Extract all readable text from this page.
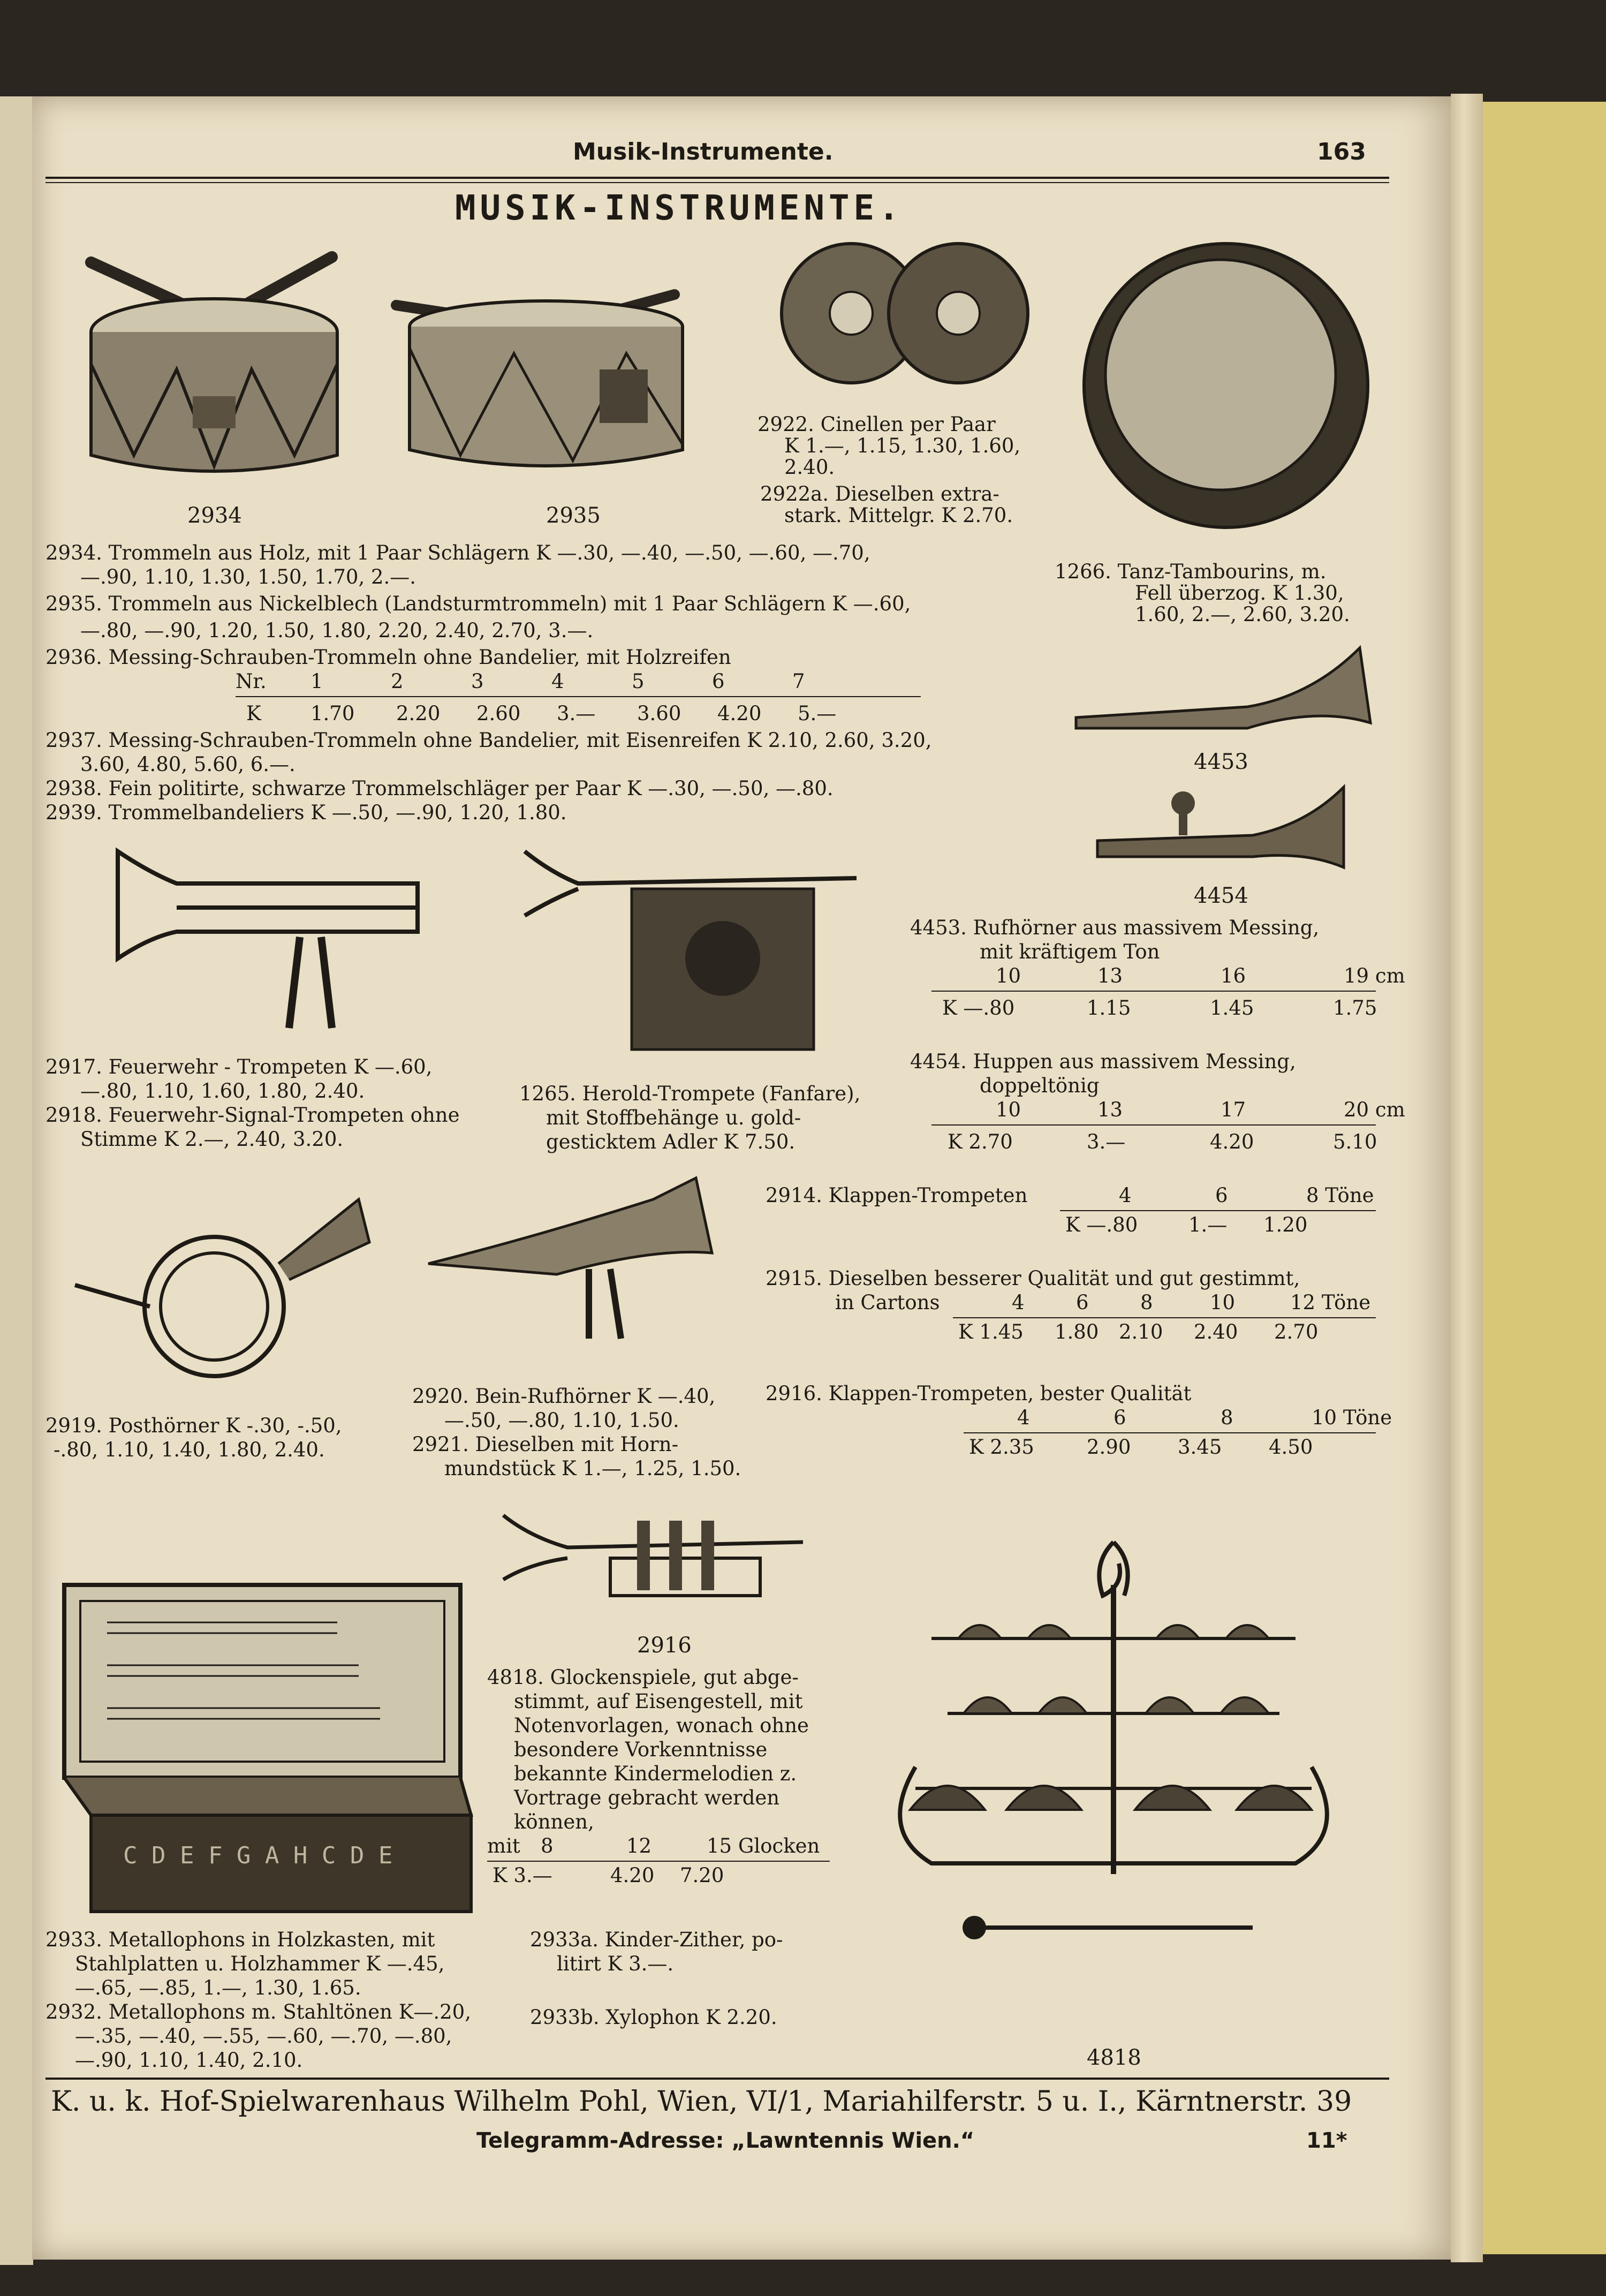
Musik-Instrumente.	163
MUSIK-INSTRUMENTE.
2934	2935
2922. Cinellen per Paar
K 1.—, 1.15, 1.30, 1.60,
2.40.
2922a. Dieselben extra-
stark. Mittelgr. K 2.70.
1266. Tanz-Tambourins, m.
Fell überzog. K 1.30,
1.60, 2.—, 2.60, 3.20.
2934. Trommeln aus Holz, mit 1 Paar Schlägern K —.30, —.40, —.50, —.60, —.70,
—.90, 1.10, 1.30, 1.50, 1.70, 2.—.
2935. Trommeln aus Nickelblech (Landsturmtrommeln) mit 1 Paar Schlägern K —.60,
—.80, —.90, 1.20, 1.50, 1.80, 2.20, 2.40, 2.70, 3.—.
2936. Messing-Schrauben-Trommeln ohne Bandelier, mit Holzreifen
Nr. 1	2	3	4	5	6	7
K 1.70 2.20 2.60 3.— 3.60 4.20 5.—
2937. Messing-Schrauben-Trommeln ohne Bandelier, mit Eisenreifen K 2.10, 2.60, 3.20,
3.60, 4.80, 5.60, 6.—.
2938. Fein politirte, schwarze Trommelschläger per Paar K —.30, —.50, —.80.
2939. Trommelbandeliers K —.50, —.90, 1.20, 1.80.
4453
4454
2917. Feuerwehr - Trompeten K —.60,
—.80, 1.10, 1.60, 1.80, 2.40.
2918. Feuerwehr-Signal-Trompeten ohne
Stimme K 2.—, 2.40, 3.20.
1265. Herold-Trompete (Fanfare),
mit Stoffbehänge u. gold-
gesticktem Adler K 7.50.
4453. Rufhörner aus massivem Messing,
mit kräftigem Ton
10	13	16	19 cm
K —.80	1.15	1.45	1.75
4454. Huppen aus massivem Messing,
doppeltönig
10	13	17	20 cm
K 2.70	3.—	4.20	5.10
2914. Klappen-Trompeten	4	6	8 Töne
K —.80	1.— 1.20
2915. Dieselben besserer Qualität und gut gestimmt,
in Cartons	4	6	8	10	12 Töne
K 1.45 1.80 2.10 2.40 2.70
2916. Klappen-Trompeten, bester Qualität
4	6	8	10 Töne
K 2.35	2.90 3.45 4.50
2920. Bein-Rufhörner K —.40,
—.50, —.80, 1.10, 1.50.
2921. Dieselben mit Horn-
mundstück K 1.—, 1.25, 1.50.
2919. Posthörner K -.30, -.50,
-.80, 1.10, 1.40, 1.80, 2.40.
2916
4818. Glockenspiele, gut abge-
stimmt, auf Eisengestell, mit
Notenvorlagen, wonach ohne
besondere Vorkenntnisse
bekannte Kindermelodien z.
Vortrage gebracht werden
können,
mit 8	12	15 Glocken
K 3.—	4.20 7.20
4818
C D E F G A H C D E
2933. Metallophons in Holzkasten, mit
Stahlplatten u. Holzhammer K —.45,
—.65, —.85, 1.—, 1.30, 1.65.
2932. Metallophons m. Stahltönen K—.20,
—.35, —.40, —.55, —.60, —.70, —.80,
—.90, 1.10, 1.40, 2.10.
2933a. Kinder-Zither, po-
litirt K 3.—.
2933b. Xylophon K 2.20.
K. u. k. Hof-Spielwarenhaus Wilhelm Pohl, Wien, VI/1, Mariahilferstr. 5 u. I., Kärntnerstr. 39
Telegramm-Adresse: „Lawntennis Wien.“	11*
